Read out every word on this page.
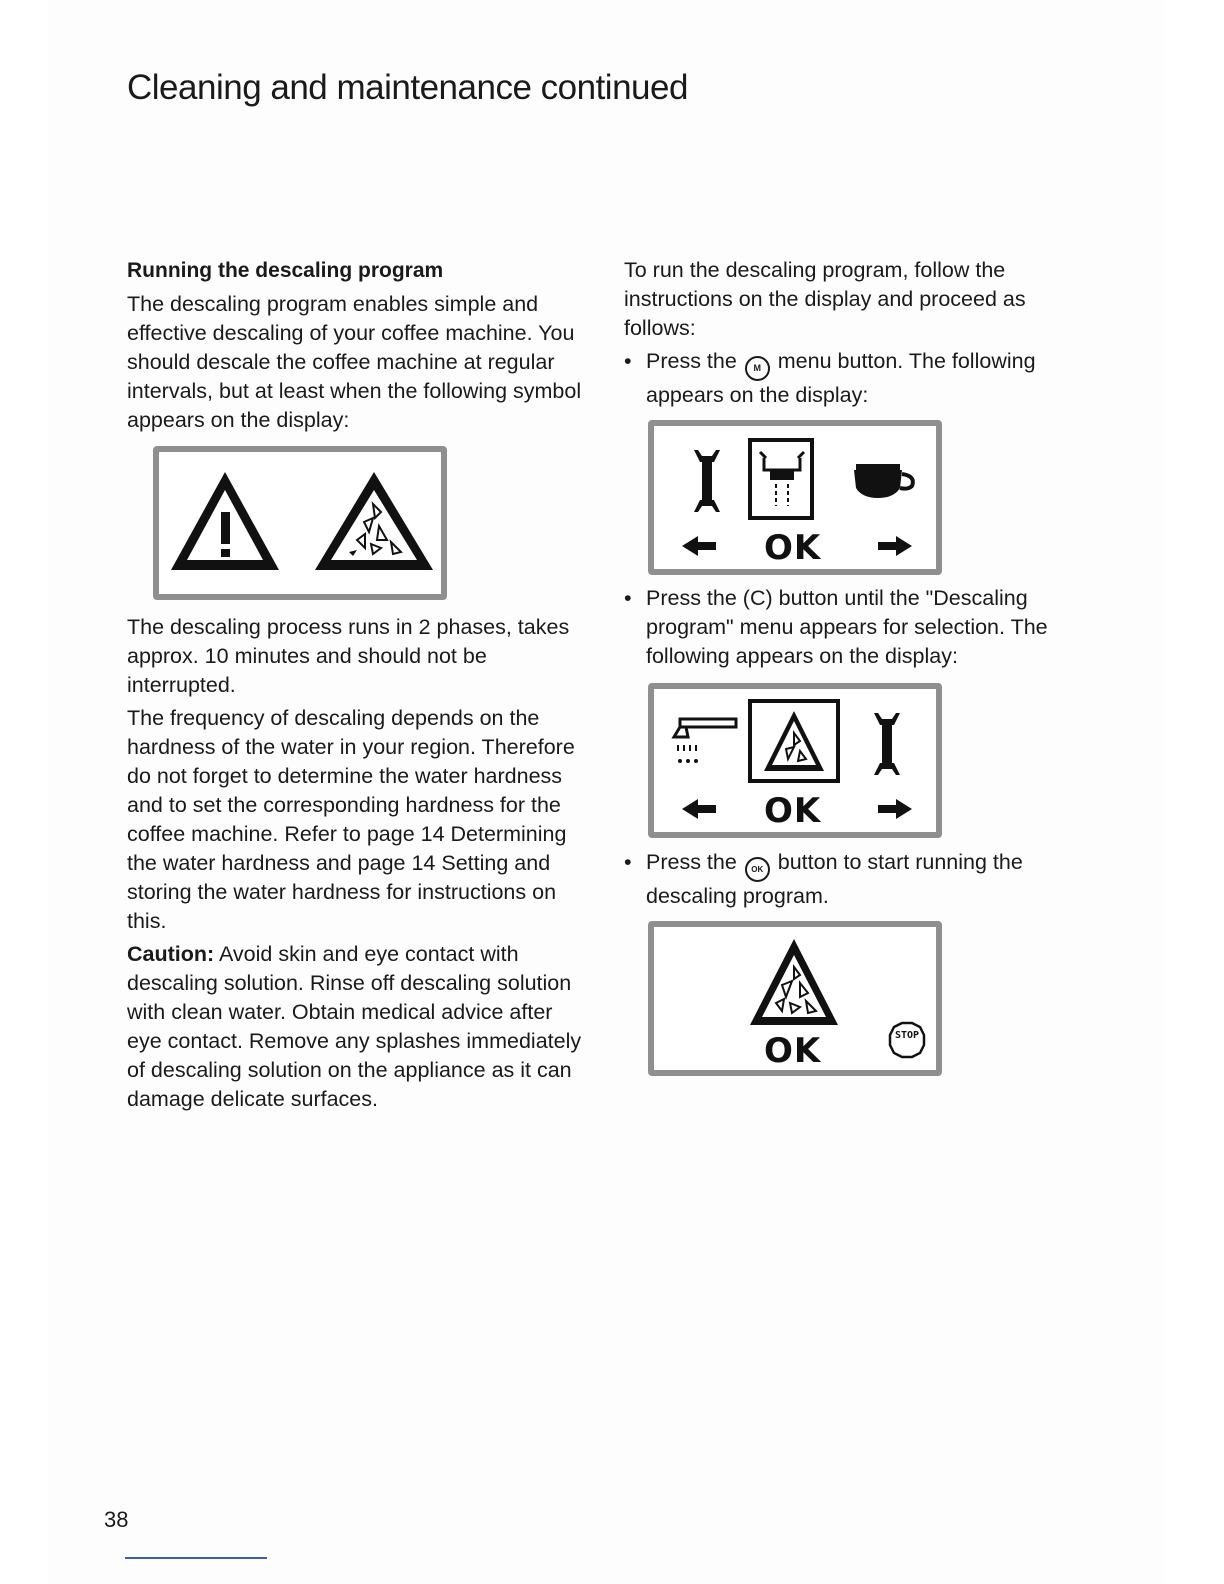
Cleaning and maintenance continued

Running the descaling program

The descaling program enables simple and effective descaling of your coffee machine. You should descale the coffee machine at regular intervals, but at least when the following symbol appears on the display:

The descaling process runs in 2 phases, takes approx. 10 minutes and should not be interrupted.

The frequency of descaling depends on the hardness of the water in your region. Therefore do not forget to determine the water hardness and to set the corresponding hardness for the coffee machine. Refer to page 14 Determining the water hardness and page 14 Setting and storing the water hardness for instructions on this.

Caution: Avoid skin and eye contact with descaling solution. Rinse off descaling solution with clean water. Obtain medical advice after eye contact. Remove any splashes immediately of descaling solution on the appliance as it can damage delicate surfaces.

To run the descaling program, follow the instructions on the display and proceed as follows:

• Press the M menu button. The following appears on the display:
OK
• Press the (C) button until the "Descaling program" menu appears for selection. The following appears on the display:
OK
• Press the OK button to start running the descaling program.
OK	STOP
38
